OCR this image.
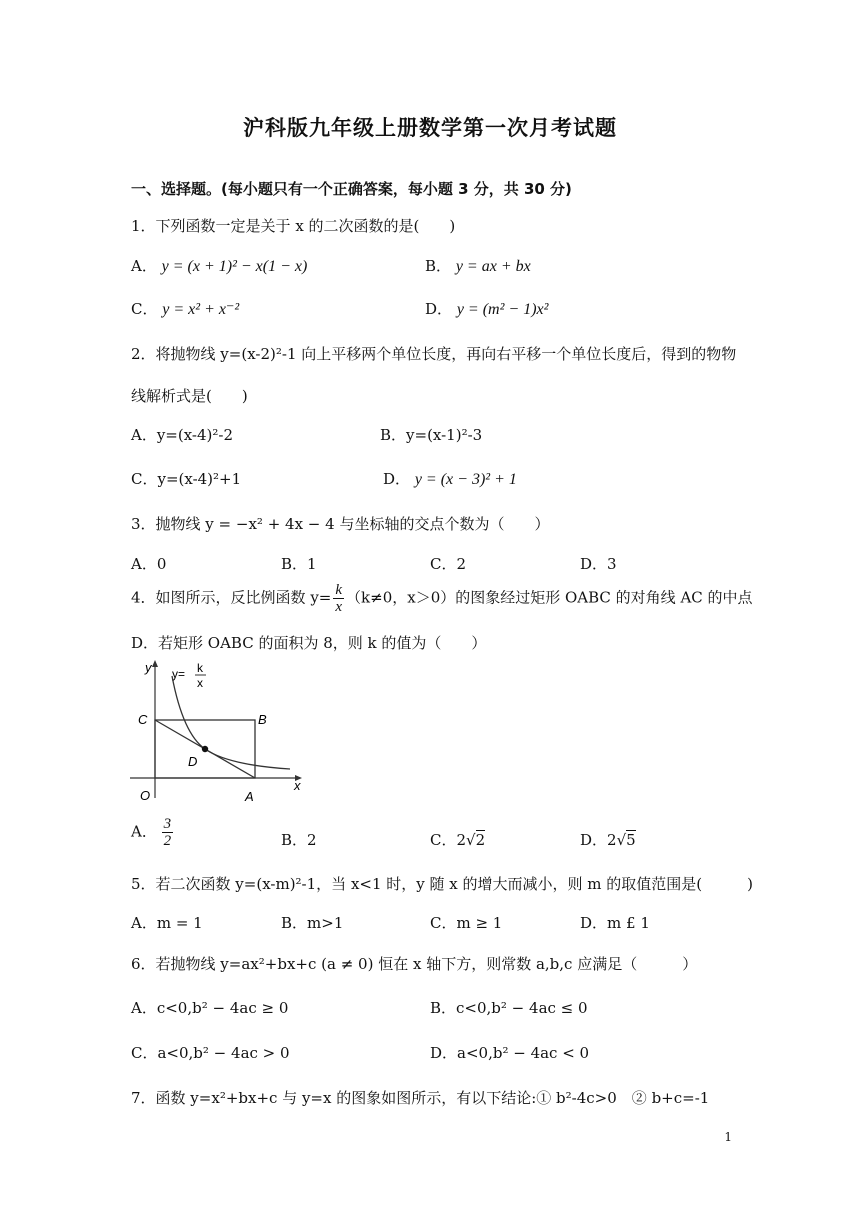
沪科版九年级上册数学第一次月考试题
一、选择题。(每小题只有一个正确答案，每小题 3 分，共 30 分)
1．下列函数一定是关于 x 的二次函数的是(　　)
A． y = (x + 1)² − x(1 − x)	B． y = ax + bx
C． y = x² + x⁻²	D． y = (m² − 1)x²
2．将抛物线 y=(x-2)²-1 向上平移两个单位长度，再向右平移一个单位长度后，得到的物物
线解析式是(　　)
A．y=(x-4)²-2	B．y=(x-1)²-3
C．y=(x-4)²+1	D． y = (x − 3)² + 1
3．抛物线 y = −x² + 4x − 4 与坐标轴的交点个数为（　　）
A．0	B．1	C．2	D．3
4．如图所示，反比例函数 $y= \frac{k}{x} (k\ne 0$，x＞0）的图象经过矩形 OABC 的对角线 AC 的中点
D．若矩形 OABC 的面积为 8，则 k 的值为（　　）
y
x
O	A
B
C
D
y= k
x
A． $\frac{3}{2}$	B．2	C．2√2	D．2√5
5．若二次函数 y=(x-m)²-1，当 x<1 时，y 随 x 的增大而减小，则 m 的取值范围是(　　　)
A．m = 1	B．m>1	C．m ≥ 1	D．m £ 1
6．若抛物线 y=ax²+bx+c (a ≠ 0) 恒在 x 轴下方，则常数 a,b,c 应满足（　　　）
A．c<0,b² − 4ac ≥ 0	B．c<0,b² − 4ac ≤ 0
C．a<0,b² − 4ac > 0	D．a<0,b² − 4ac < 0
7．函数 y=x²+bx+c 与 y=x 的图象如图所示，有以下结论:① b²-4c>0　② b+c=-1
1
